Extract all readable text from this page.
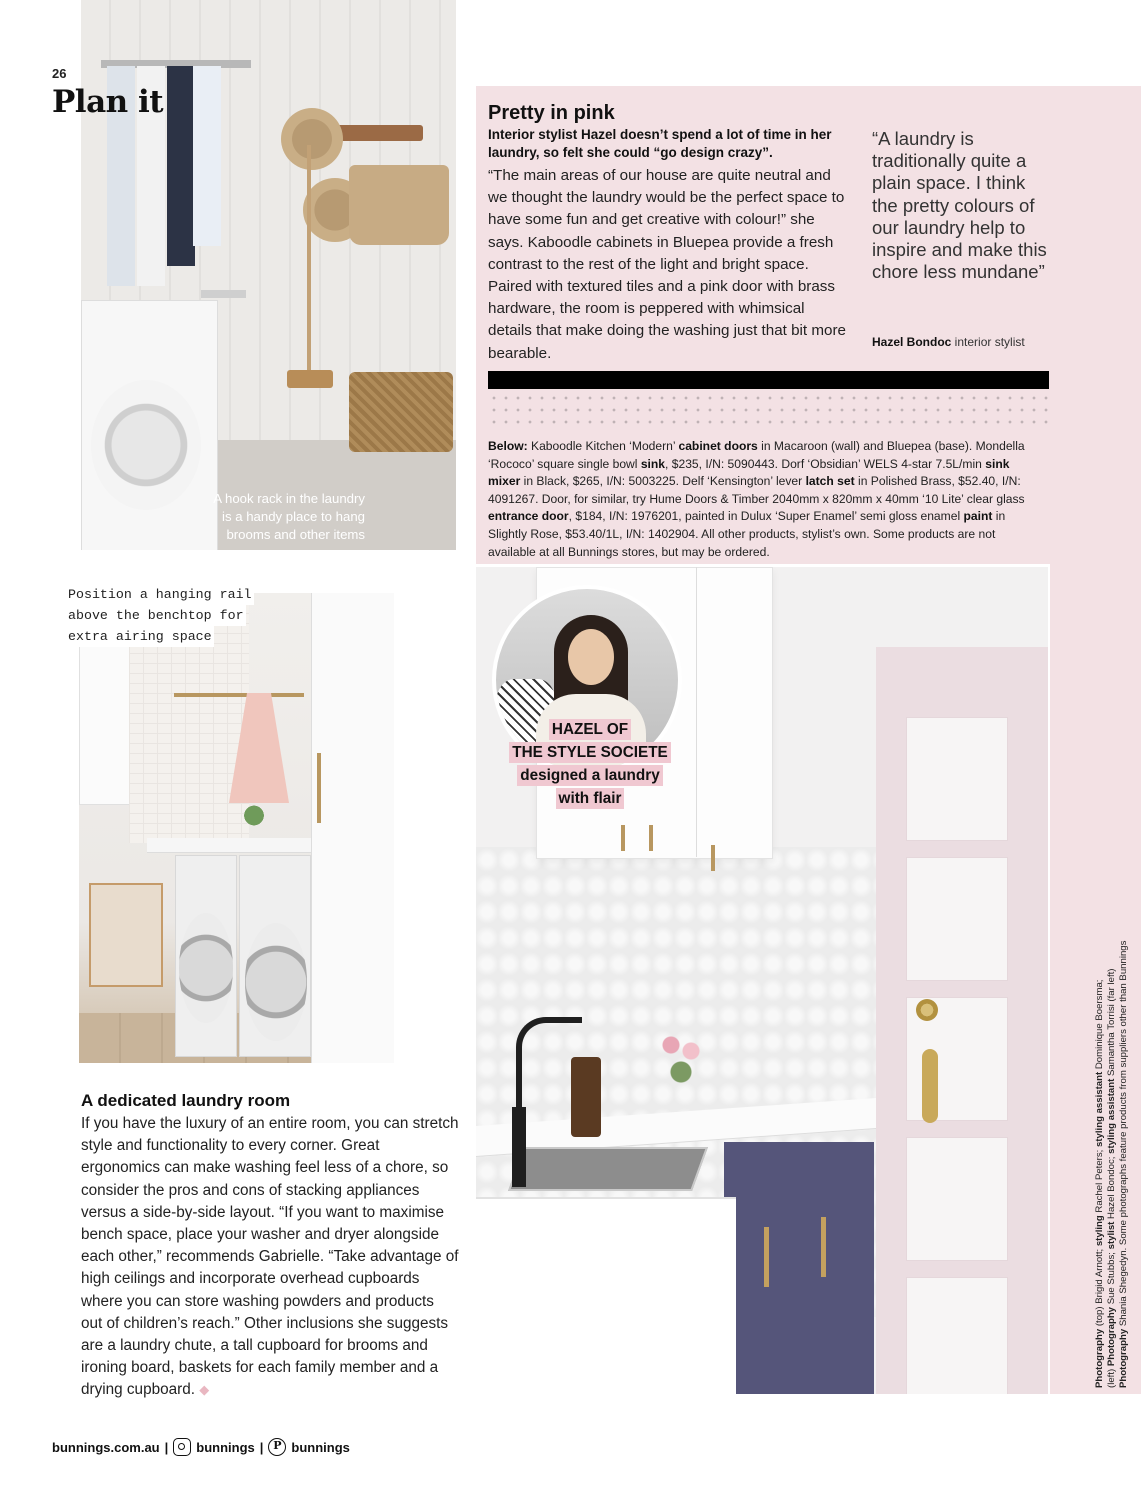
26
Plan it
A hook rack in the laundry
is a handy place to hang
brooms and other items
Pretty in pink
Interior stylist Hazel doesn’t spend a lot of time in her laundry, so felt she could “go design crazy”.
“The main areas of our house are quite neutral and we thought the laundry would be the perfect space to have some fun and get creative with colour!” she says. Kaboodle cabinets in Bluepea provide a fresh contrast to the rest of the light and bright space. Paired with textured tiles and a pink door with brass hardware, the room is peppered with whimsical details that make doing the washing just that bit more bearable.
“A laundry is traditionally quite a plain space. I think the pretty colours of our laundry help to inspire and make this chore less mundane”
Hazel Bondoc interior stylist
Below: Kaboodle Kitchen ‘Modern’ cabinet doors in Macaroon (wall) and Bluepea (base). Mondella ‘Rococo’ square single bowl sink, $235, I/N: 5090443. Dorf ‘Obsidian’ WELS 4-star 7.5L/min sink mixer in Black, $265, I/N: 5003225. Delf ‘Kensington’ lever latch set in Polished Brass, $52.40, I/N: 4091267. Door, for similar, try Hume Doors & Timber 2040mm x 820mm x 40mm ‘10 Lite’ clear glass entrance door, $184, I/N: 1976201, painted in Dulux ‘Super Enamel’ semi gloss enamel paint in Slightly Rose, $53.40/1L, I/N: 1402904. All other products, stylist’s own. Some products are not available at all Bunnings stores, but may be ordered.
Position a hanging rail
above the benchtop for
extra airing space
A dedicated laundry room
If you have the luxury of an entire room, you can stretch style and functionality to every corner. Great ergonomics can make washing feel less of a chore, so consider the pros and cons of stacking appliances versus a side-by-side layout. “If you want to maximise bench space, place your washer and dryer alongside each other,” recommends Gabrielle. “Take advantage of high ceilings and incorporate overhead cupboards where you can store washing powders and products out of children’s reach.” Other inclusions she suggests are a laundry chute, a tall cupboard for brooms and ironing board, baskets for each family member and a drying cupboard. ◆
HAZEL OF
THE STYLE SOCIETE
designed a laundry
with flair
Photography (top) Brigid Arnott; styling Rachel Peters; styling assistant Dominique Boersma;
(left) Photography Sue Stubbs; stylist Hazel Bondoc; styling assistant Samantha Torrisi (far left)
Photography Shania Shegedyn. Some photographs feature products from suppliers other than Bunnings
bunnings.com.au | bunnings | P bunnings
